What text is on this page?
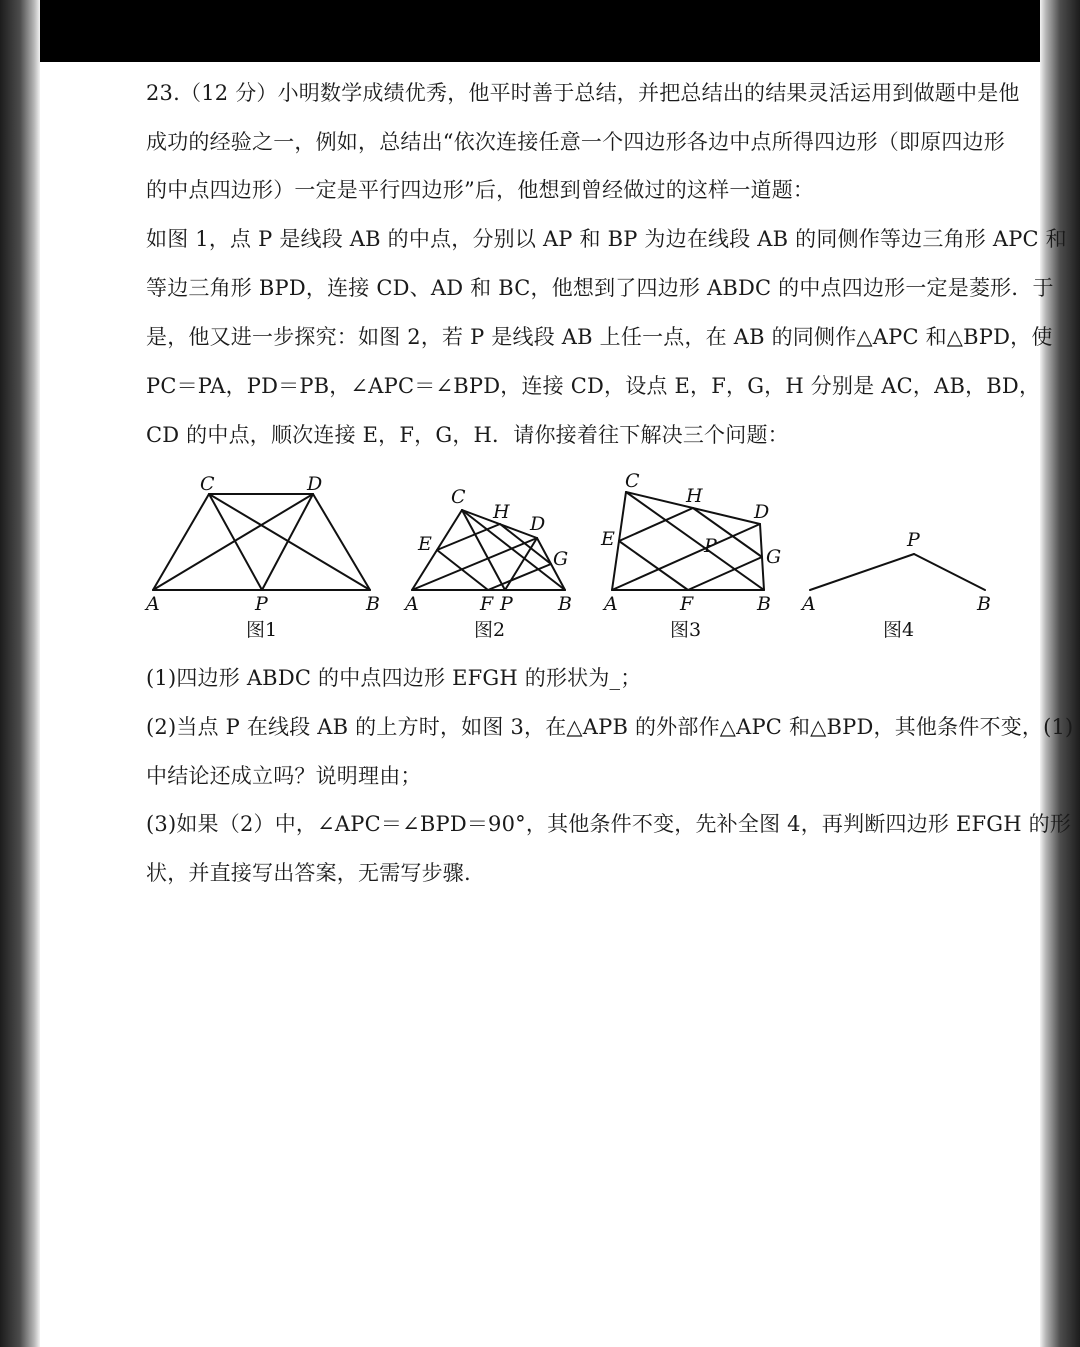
23.（12 分）小明数学成绩优秀，他平时善于总结，并把总结出的结果灵活运用到做题中是他
成功的经验之一，例如，总结出“依次连接任意一个四边形各边中点所得四边形（即原四边形
的中点四边形）一定是平行四边形”后，他想到曾经做过的这样一道题：
如图 1，点 P 是线段 AB 的中点，分别以 AP 和 BP 为边在线段 AB 的同侧作等边三角形 APC 和
等边三角形 BPD，连接 CD、AD 和 BC，他想到了四边形 ABDC 的中点四边形一定是菱形．于
是，他又进一步探究：如图 2，若 P 是线段 AB 上任一点，在 AB 的同侧作△APC 和△BPD，使
PC＝PA，PD＝PB，∠APC＝∠BPD，连接 CD，设点 E，F，G，H 分别是 AC，AB，BD，
CD 的中点，顺次连接 E，F，G，H．请你接着往下解决三个问题：
A	P	B
C	D
图1
A	F P B
C
H
D
E
G
图2
A	F	B
C
H
D
E	P	G
图3
A	B
P
图4
(1)四边形 ABDC 的中点四边形 EFGH 的形状为_；
(2)当点 P 在线段 AB 的上方时，如图 3，在△APB 的外部作△APC 和△BPD，其他条件不变，(1)
中结论还成立吗？说明理由；
(3)如果（2）中，∠APC＝∠BPD＝90°，其他条件不变，先补全图 4，再判断四边形 EFGH 的形
状，并直接写出答案，无需写步骤.
